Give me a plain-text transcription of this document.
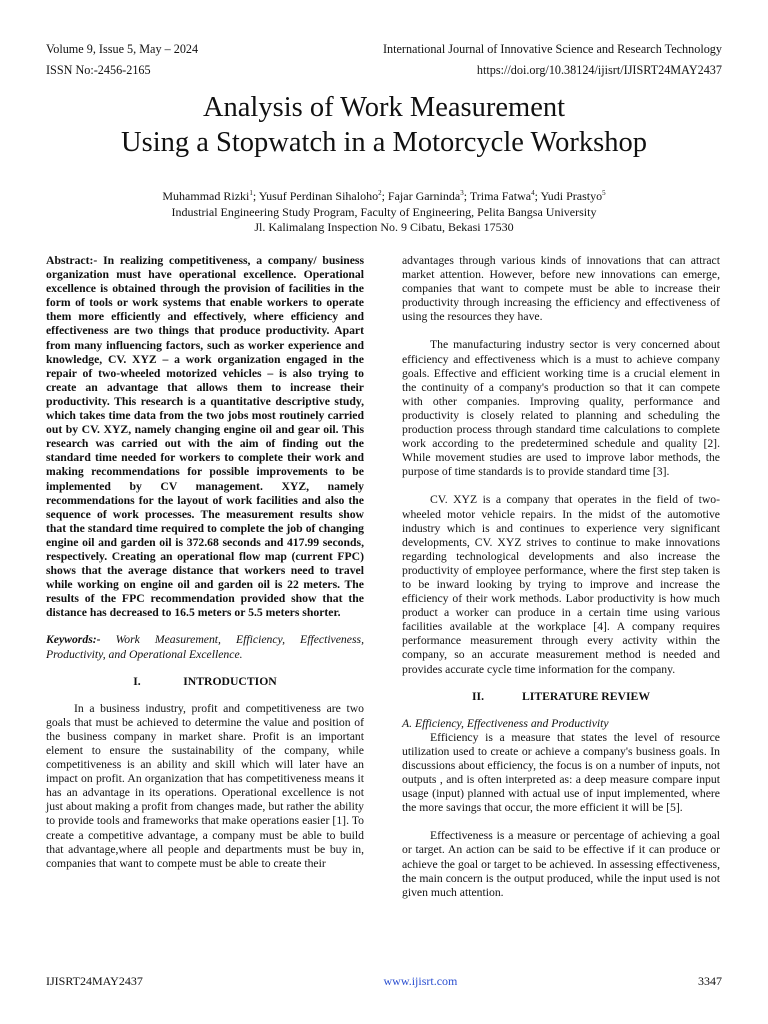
Volume 9, Issue 5, May – 2024	International Journal of Innovative Science and Research Technology
ISSN No:-2456-2165	https://doi.org/10.38124/ijisrt/IJISRT24MAY2437
Analysis of Work Measurement
Using a Stopwatch in a Motorcycle Workshop
Muhammad Rizki$^1$; Yusuf Perdinan Sihaloho$^2$; Fajar Garninda$^3$; Trima Fatwa$^4$; Yudi Prastyo$^5$
Industrial Engineering Study Program, Faculty of Engineering, Pelita Bangsa University
Jl. Kalimalang Inspection No. 9 Cibatu, Bekasi 17530

Abstract:- In realizing competitiveness, a company/ business organization must have operational excellence. Operational excellence is obtained through the provision of facilities in the form of tools or work systems that enable workers to operate them more efficiently and effectively, where efficiency and effectiveness are two things that produce productivity. Apart from many influencing factors, such as worker experience and knowledge, CV. XYZ – a work organization engaged in the repair of two-wheeled motorized vehicles – is also trying to create an advantage that allows them to increase their productivity. This research is a quantitative descriptive study, which takes time data from the two jobs most routinely carried out by CV. XYZ, namely changing engine oil and gear oil. This research was carried out with the aim of finding out the standard time needed for workers to complete their work and making recommendations for possible improvements to be implemented by CV management. XYZ, namely recommendations for the layout of work facilities and also the sequence of work processes. The measurement results show that the standard time required to complete the job of changing engine oil and garden oil is 372.68 seconds and 417.99 seconds, respectively. Creating an operational flow map (current FPC) shows that the average distance that workers need to travel while working on engine oil and garden oil is 22 meters. The results of the FPC recommendation provided show that the distance has decreased to 16.5 meters or 5.5 meters shorter.

Keywords:- Work Measurement, Efficiency, Effectiveness, Productivity, and Operational Excellence.

I.	INTRODUCTION

In a business industry, profit and competitiveness are two goals that must be achieved to determine the value and position of the business company in market share. Profit is an important element to ensure the sustainability of the company, while competitiveness is an ability and skill which will later have an impact on profit. An organization that has competitiveness means it has an advantage in its operations. Operational excellence is not just about making a profit from changes made, but rather the ability to provide tools and frameworks that make operations easier [1]. To create a competitive advantage, a company must be able to build that advantage,where all people and departments must be buy in, companies that want to compete must be able to create their

advantages through various kinds of innovations that can attract market attention. However, before new innovations can emerge, companies that want to compete must be able to increase their productivity through increasing the efficiency and effectiveness of using the resources they have.

The manufacturing industry sector is very concerned about efficiency and effectiveness which is a must to achieve company goals. Effective and efficient working time is a crucial element in the continuity of a company's production so that it can compete with other companies. Improving quality, performance and productivity is closely related to planning and scheduling the production process through standard time calculations to complete work according to the predetermined schedule and quality [2]. While movement studies are used to improve labor methods, the purpose of time standards is to provide standard time [3].

CV. XYZ is a company that operates in the field of two-wheeled motor vehicle repairs. In the midst of the automotive industry which is and continues to experience very significant developments, CV. XYZ strives to continue to make innovations regarding technological developments and also increase the productivity of employee performance, where the first step taken is to be inward looking by trying to improve and increase the efficiency of their work methods. Labor productivity is how much product a worker can produce in a certain time using various facilities available at the workplace [4]. A company requires performance measurement through every activity within the company, so an accurate measurement method is needed and provides accurate cycle time information for the company.

II.	LITERATURE REVIEW

A. Efficiency, Effectiveness and Productivity

Efficiency is a measure that states the level of resource utilization used to create or achieve a company's business goals. In discussions about efficiency, the focus is on a number of inputs, not outputs , and is often interpreted as: a deep measure compare input usage (input) planned with actual use of input implemented, where the more savings that occur, the more efficient it will be [5].

Effectiveness is a measure or percentage of achieving a goal or target. An action can be said to be effective if it can produce or achieve the goal or target to be achieved. In assessing effectiveness, the main concern is the output produced, while the input used is not given much attention.

IJISRT24MAY2437	www.ijisrt.com	3347
